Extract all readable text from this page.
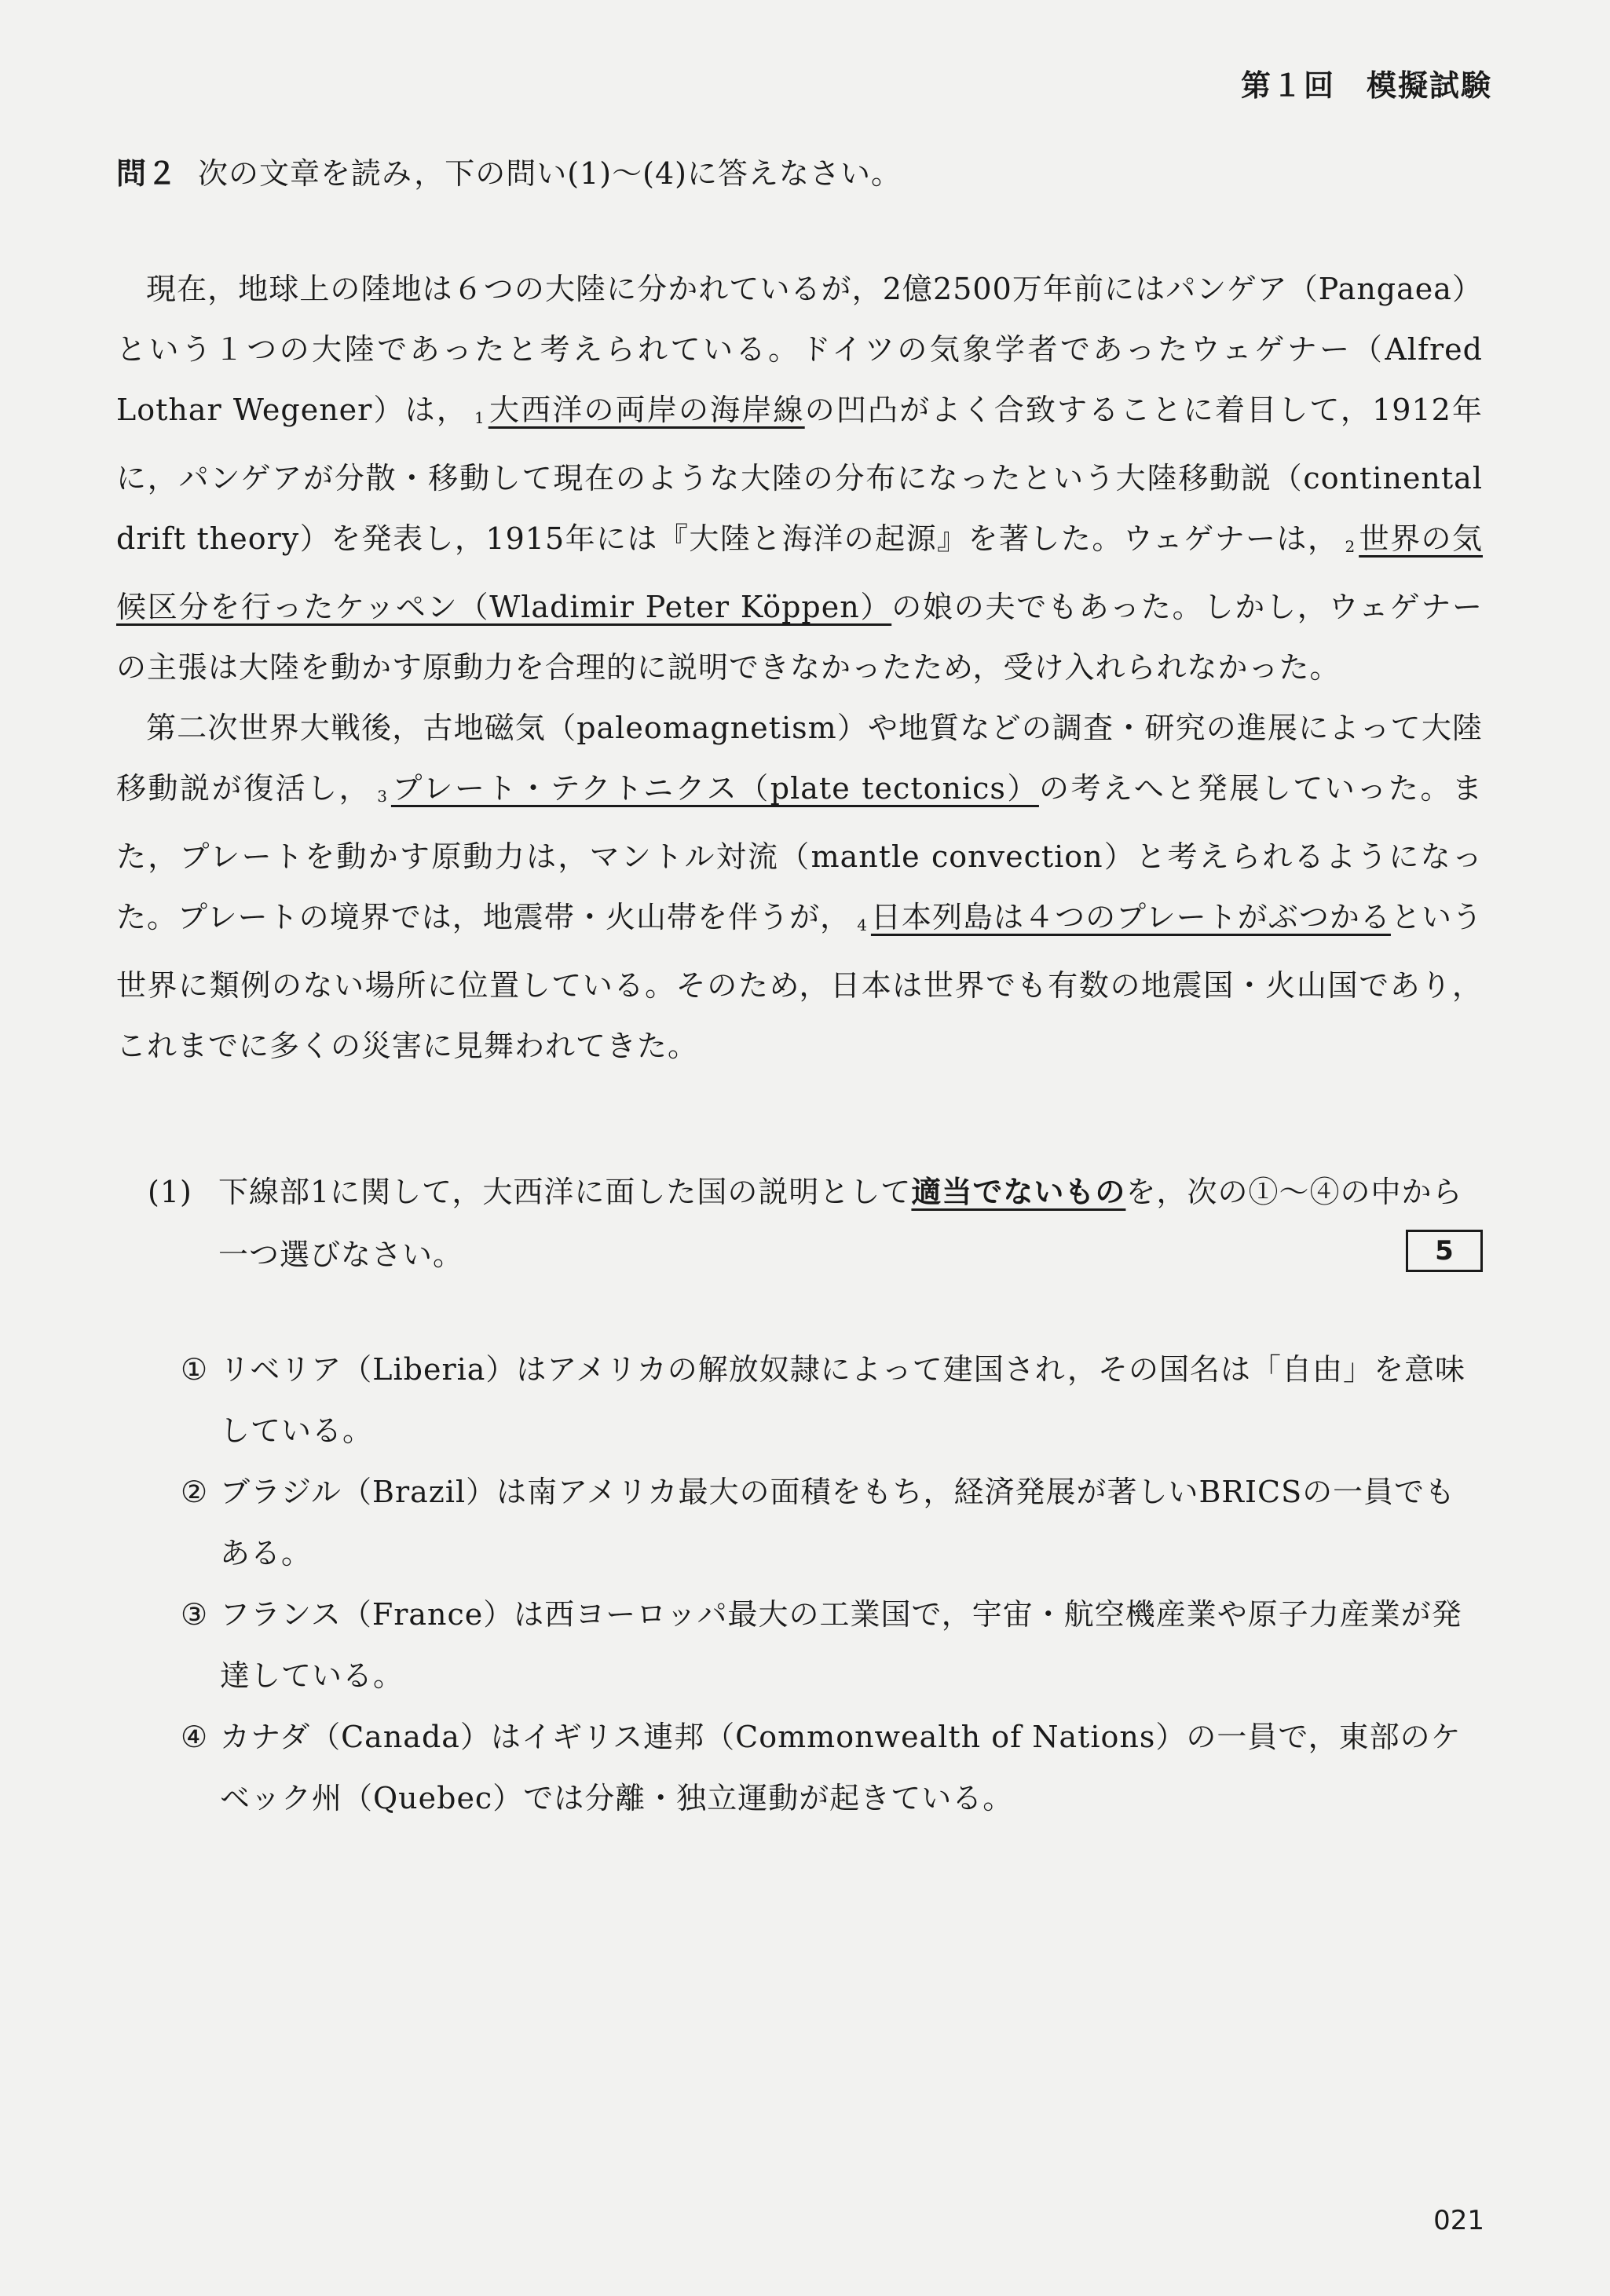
第１回　模擬試験
問２ 次の文章を読み，下の問い(1)〜(4)に答えなさい。

現在，地球上の陸地は６つの大陸に分かれているが，2億2500万年前にはパンゲア（Pangaea）という１つの大陸であったと考えられている。ドイツの気象学者であったウェゲナー（Alfred Lothar Wegener）は， 1 大西洋の両岸の海岸線の凹凸がよく合致することに着目して，1912年に，パンゲアが分散・移動して現在のような大陸の分布になったという大陸移動説（continental drift theory）を発表し，1915年には『大陸と海洋の起源』を著した。ウェゲナーは， 2 世界の気候区分を行ったケッペン（Wladimir Peter Köppen）の娘の夫でもあった。しかし，ウェゲナーの主張は大陸を動かす原動力を合理的に説明できなかったため，受け入れられなかった。

第二次世界大戦後，古地磁気（paleomagnetism）や地質などの調査・研究の進展によって大陸移動説が復活し， 3 プレート・テクトニクス（plate tectonics）の考えへと発展していった。また，プレートを動かす原動力は，マントル対流（mantle convection）と考えられるようになった。プレートの境界では，地震帯・火山帯を伴うが， 4 日本列島は４つのプレートがぶつかるという世界に類例のない場所に位置している。そのため，日本は世界でも有数の地震国・火山国であり，これまでに多くの災害に見舞われてきた。

(1) 下線部1に関して，大西洋に面した国の説明として適当でないものを，次の①〜④の中から一つ選びなさい。	5
① リベリア（Liberia）はアメリカの解放奴隷によって建国され，その国名は「自由」を意味している。
② ブラジル（Brazil）は南アメリカ最大の面積をもち，経済発展が著しいBRICSの一員でもある。
③ フランス（France）は西ヨーロッパ最大の工業国で，宇宙・航空機産業や原子力産業が発達している。
④ カナダ（Canada）はイギリス連邦（Commonwealth of Nations）の一員で，東部のケベック州（Quebec）では分離・独立運動が起きている。
021
